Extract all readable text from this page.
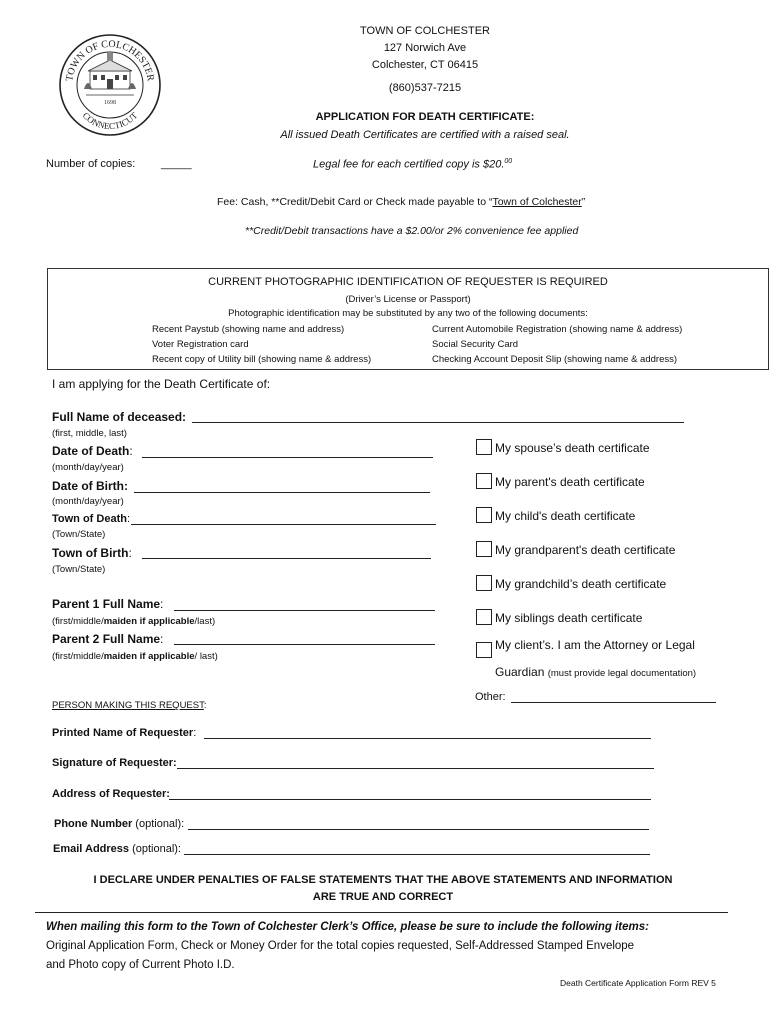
TOWN OF COLCHESTER
CONNECTICUT
1698
TOWN OF COLCHESTER
127 Norwich Ave
Colchester, CT 06415
(860)537-7215
APPLICATION FOR DEATH CERTIFICATE:
All issued Death Certificates are certified with a raised seal.
Number of copies: _____	Legal fee for each certified copy is $20.00
Fee: Cash, **Credit/Debit Card or Check made payable to “Town of Colchester”
**Credit/Debit transactions have a $2.00/or 2% convenience fee applied
CURRENT PHOTOGRAPHIC IDENTIFICATION OF REQUESTER IS REQUIRED
(Driver’s License or Passport)
Photographic identification may be substituted by any two of the following documents:
Recent Paystub (showing name and address)
Voter Registration card
Recent copy of Utility bill (showing name & address)
Current Automobile Registration (showing name & address)
Social Security Card
Checking Account Deposit Slip (showing name & address)
I am applying for the Death Certificate of:
Full Name of deceased:
(first, middle, last)
Date of Death:
(month/day/year)
Date of Birth:
(month/day/year)
Town of Death:
(Town/State)
Town of Birth:
(Town/State)
Parent 1 Full Name:
(first/middle/maiden if applicable/last)
Parent 2 Full Name:
(first/middle/maiden if applicable/ last)
My spouse’s death certificate
My parent's death certificate
My child's death certificate
My grandparent's death certificate
My grandchild’s death certificate
My siblings death certificate
My client’s. I am the Attorney or Legal
Guardian (must provide legal documentation)
Other:
PERSON MAKING THIS REQUEST:
Printed Name of Requester:
Signature of Requester:
Address of Requester:
Phone Number (optional):
Email Address (optional):
I DECLARE UNDER PENALTIES OF FALSE STATEMENTS THAT THE ABOVE STATEMENTS AND INFORMATION
ARE TRUE AND CORRECT
When mailing this form to the Town of Colchester Clerk’s Office, please be sure to include the following items:
Original Application Form, Check or Money Order for the total copies requested, Self-Addressed Stamped Envelope
and Photo copy of Current Photo I.D.
Death Certificate Application Form REV 5
